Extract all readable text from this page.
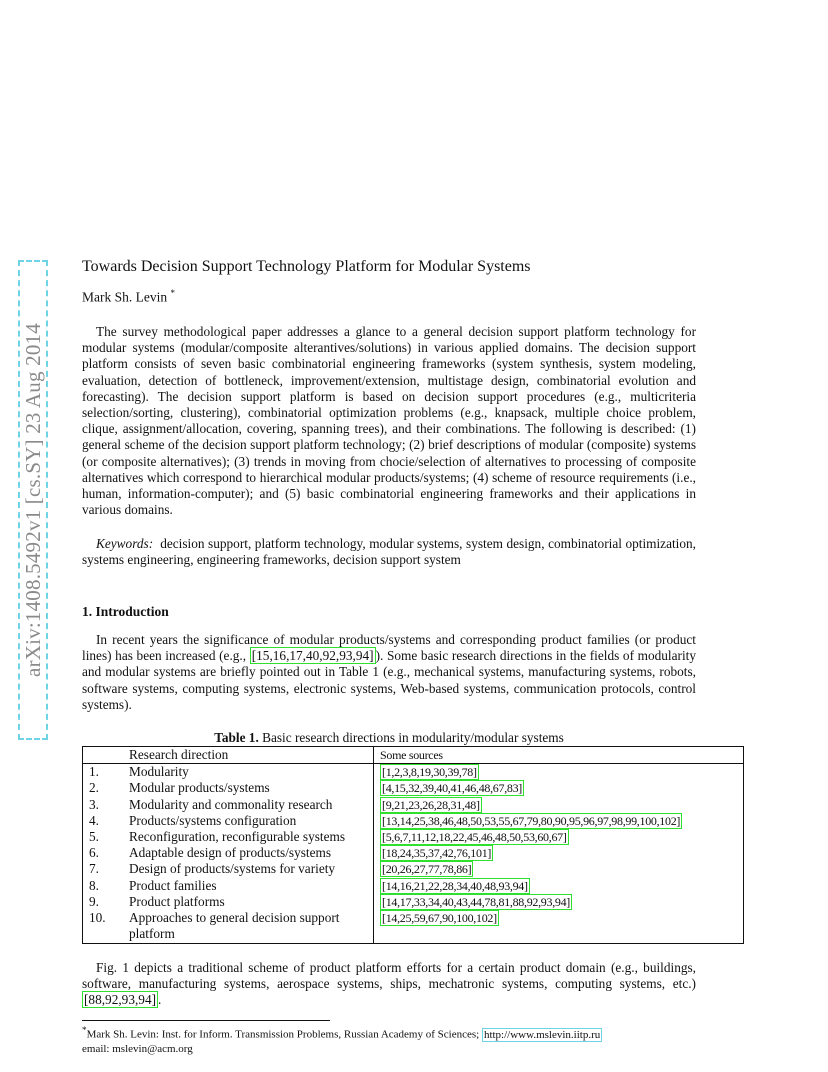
arXiv:1408.5492v1 [cs.SY] 23 Aug 2014
Towards Decision Support Technology Platform for Modular Systems
Mark Sh. Levin *
The survey methodological paper addresses a glance to a general decision support platform technology for modular systems (modular/composite alterantives/solutions) in various applied domains. The decision support platform consists of seven basic combinatorial engineering frameworks (system synthesis, system modeling, evaluation, detection of bottleneck, improvement/extension, multistage design, combinatorial evolution and forecasting). The decision support platform is based on decision support procedures (e.g., multicriteria selection/sorting, clustering), combinatorial optimization problems (e.g., knapsack, multiple choice problem, clique, assignment/allocation, covering, spanning trees), and their combinations. The following is described: (1) general scheme of the decision support platform technology; (2) brief descriptions of modular (composite) systems (or composite alternatives); (3) trends in moving from chocie/selection of alternatives to processing of composite alternatives which correspond to hierarchical modular products/systems; (4) scheme of resource requirements (i.e., human, information-computer); and (5) basic combinatorial engineering frameworks and their applications in various domains.
Keywords: decision support, platform technology, modular systems, system design, combinatorial optimization, systems engineering, engineering frameworks, decision support system
1. Introduction
In recent years the significance of modular products/systems and corresponding product families (or product lines) has been increased (e.g., [15,16,17,40,92,93,94] ). Some basic research directions in the fields of modularity and modular systems are briefly pointed out in Table 1 (e.g., mechanical systems, manufacturing systems, robots, software systems, computing systems, electronic systems, Web-based systems, communication protocols, control systems).
Table 1. Basic research directions in modularity/modular systems
	Research direction	Some sources
1.	Modularity	[1,2,3,8,19,30,39,78]
2.	Modular products/systems	[4,15,32,39,40,41,46,48,67,83]
3.	Modularity and commonality research	[9,21,23,26,28,31,48]
4.	Products/systems configuration	[13,14,25,38,46,48,50,53,55,67,79,80,90,95,96,97,98,99,100,102]
5.	Reconfiguration, reconfigurable systems	[5,6,7,11,12,18,22,45,46,48,50,53,60,67]
6.	Adaptable design of products/systems	[18,24,35,37,42,76,101]
7.	Design of products/systems for variety	[20,26,27,77,78,86]
8.	Product families	[14,16,21,22,28,34,40,48,93,94]
9.	Product platforms	[14,17,33,34,40,43,44,78,81,88,92,93,94]
10.	Approaches to general decision support platform	[14,25,59,67,90,100,102]
Fig. 1 depicts a traditional scheme of product platform efforts for a certain product domain (e.g., buildings, software, manufacturing systems, aerospace systems, ships, mechatronic systems, computing systems, etc.) [88,92,93,94] .
*Mark Sh. Levin: Inst. for Inform. Transmission Problems, Russian Academy of Sciences; http://www.mslevin.iitp.ru
email: mslevin@acm.org
